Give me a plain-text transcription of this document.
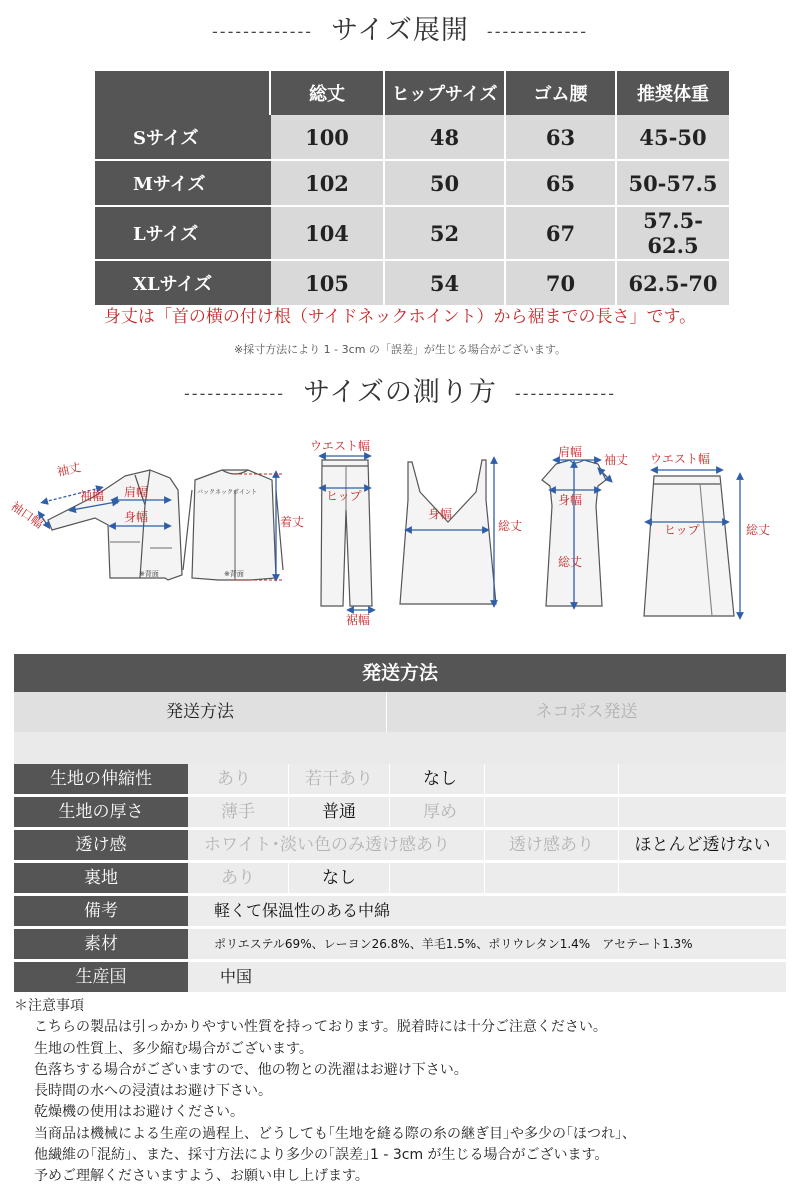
------------- サイズ展開 -------------
	総丈	ヒップサイズ	ゴム腰	推奨体重
Sサイズ	100	48	63	45-50
Mサイズ	102	50	65	50-57.5
Lサイズ	104	52	67	57.5-62.5
XLサイズ	105	54	70	62.5-70
身丈は「首の横の付け根（サイドネックホイント）から裾までの長さ」です。
※採寸方法により 1 - 3cm の「誤差」が生じる場合がございます。
------------- サイズの測り方 -------------
バックネックポイント
※背面	※背面
袖丈
袖口幅
袖幅 肩幅
身幅	着丈
ウエスト幅
ヒップ
裾幅
身幅
総丈
肩幅
袖丈
身幅
総丈
ウエスト幅
ヒップ	総丈
発送方法
発送方法	ネコポス発送
生地の伸縮性	あり	若干あり	なし
生地の厚さ	薄手	普通	厚め
透け感	ホワイト･淡い色のみ透け感あり	透け感あり	ほとんど透けない
裏地	あり	なし
備考	軽くて保温性のある中綿
素材	ポリエステル69%、レーヨン26.8%、羊毛1.5%、ポリウレタン1.4%　アセテート1.3%
生産国	中国
＊注意事項
こちらの製品は引っかかりやすい性質を持っております。脱着時には十分ご注意ください。
生地の性質上、多少縮む場合がございます。
色落ちする場合がございますので、他の物との洗濯はお避け下さい。
長時間の水への浸漬はお避け下さい。
乾燥機の使用はお避けください。
当商品は機械による生産の過程上、どうしても｢生地を縫る際の糸の継ぎ目｣や多少の｢ほつれ｣、
他繊維の｢混紡｣、また、採寸方法により多少の｢誤差｣1 - 3cm が生じる場合がございます。
予めご理解くださいますよう、お願い申し上げます。
